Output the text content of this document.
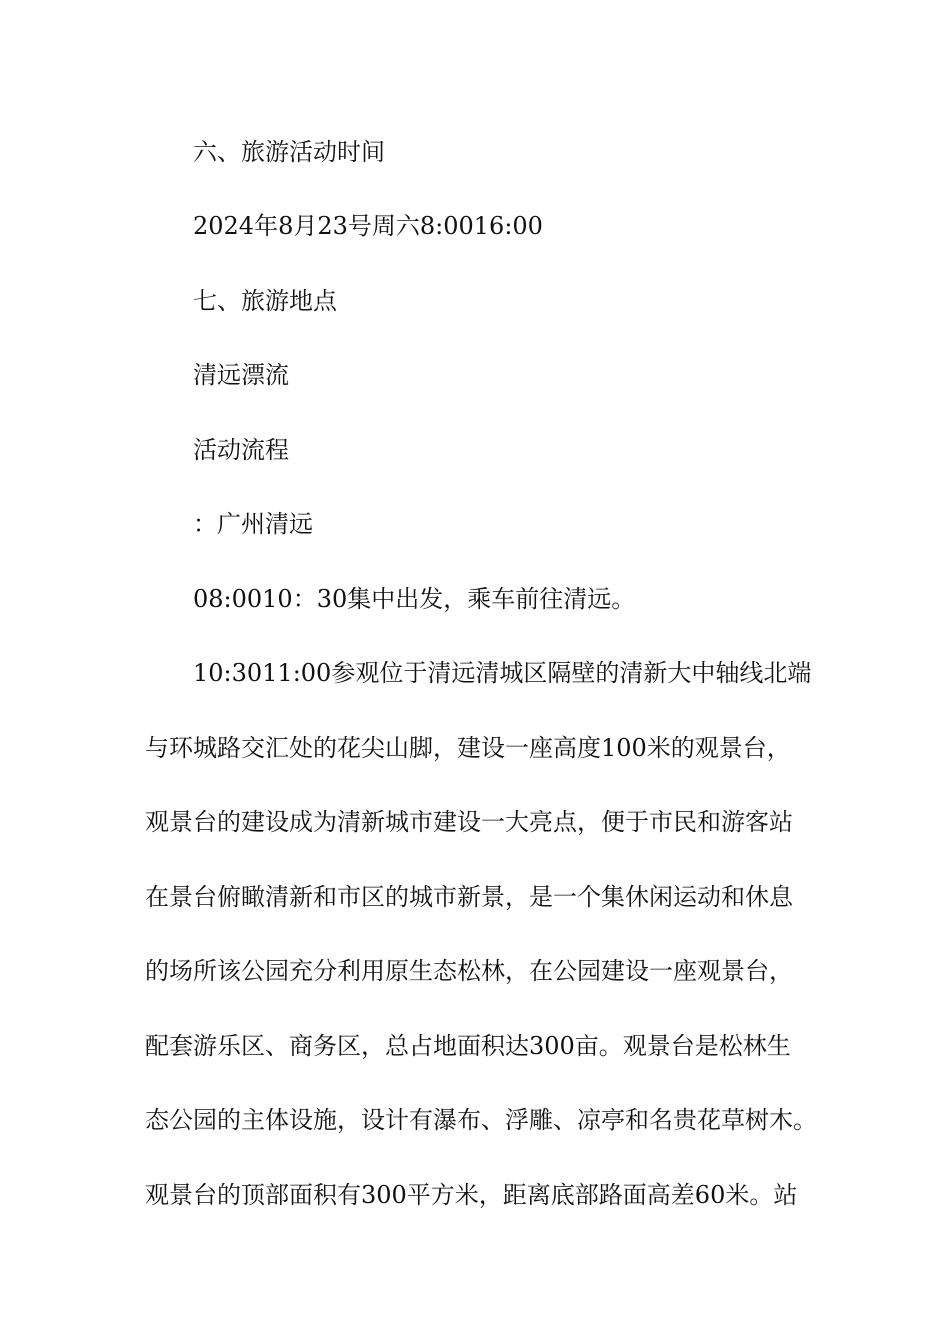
六、旅游活动时间
2024年8月23号周六8:0016:00
七、旅游地点
清远漂流
活动流程
：广州清远
08:0010：30集中出发，乘车前往清远。
10:3011:00参观位于清远清城区隔壁的清新大中轴线北端
与环城路交汇处的花尖山脚，建设一座高度100米的观景台，
观景台的建设成为清新城市建设一大亮点，便于市民和游客站
在景台俯瞰清新和市区的城市新景，是一个集休闲运动和休息
的场所该公园充分利用原生态松林，在公园建设一座观景台，
配套游乐区、商务区，总占地面积达300亩。观景台是松林生
态公园的主体设施，设计有瀑布、浮雕、凉亭和名贵花草树木。
观景台的顶部面积有300平方米，距离底部路面高差60米。站
